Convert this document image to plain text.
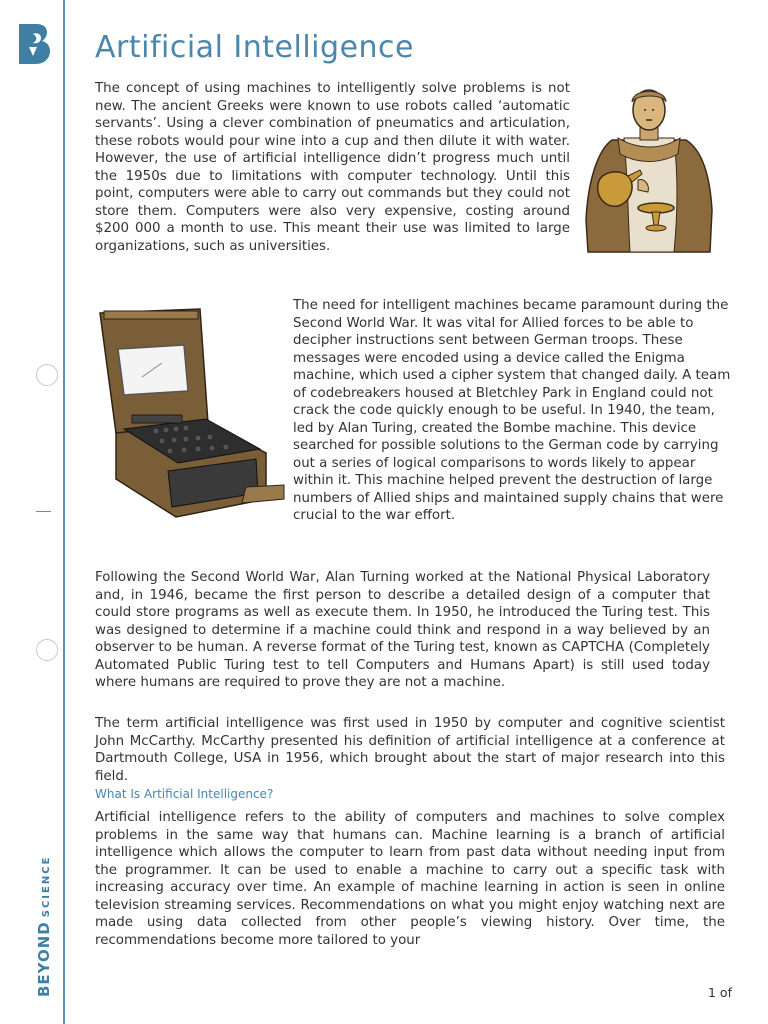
BEYONDSCIENCE
Artificial Intelligence

The concept of using machines to intelligently solve problems is not new. The ancient Greeks were known to use robots called ‘automatic servants’. Using a clever combination of pneumatics and articulation, these robots would pour wine into a cup and then dilute it with water. However, the use of artificial intelligence didn’t progress much until the 1950s due to limitations with computer technology. Until this point, computers were able to carry out commands but they could not store them. Computers were also very expensive, costing around $200 000 a month to use. This meant their use was limited to large organizations, such as universities.

The need for intelligent machines became paramount during the Second World War. It was vital for Allied forces to be able to decipher instructions sent between German troops. These messages were encoded using a device called the Enigma machine, which used a cipher system that changed daily. A team of codebreakers housed at Bletchley Park in England could not crack the code quickly enough to be useful. In 1940, the team, led by Alan Turing, created the Bombe machine. This device searched for possible solutions to the German code by carrying out a series of logical comparisons to words likely to appear within it. This machine helped prevent the destruction of large numbers of Allied ships and maintained supply chains that were crucial to the war effort.

Following the Second World War, Alan Turning worked at the National Physical Laboratory and, in 1946, became the first person to describe a detailed design of a computer that could store programs as well as execute them. In 1950, he introduced the Turing test. This was designed to determine if a machine could think and respond in a way believed by an observer to be human. A reverse format of the Turing test, known as CAPTCHA (Completely Automated Public Turing test to tell Computers and Humans Apart) is still used today where humans are required to prove they are not a machine.

The term artificial intelligence was first used in 1950 by computer and cognitive scientist John McCarthy. McCarthy presented his definition of artificial intelligence at a conference at Dartmouth College, USA in 1956, which brought about the start of major research into this field.

What Is Artificial Intelligence?

Artificial intelligence refers to the ability of computers and machines to solve complex problems in the same way that humans can. Machine learning is a branch of artificial intelligence which allows the computer to learn from past data without needing input from the programmer. It can be used to enable a machine to carry out a specific task with increasing accuracy over time. An example of machine learning in action is seen in online television streaming services. Recommendations on what you might enjoy watching next are made using data collected from other people’s viewing history. Over time, the recommendations become more tailored to your

1 of
